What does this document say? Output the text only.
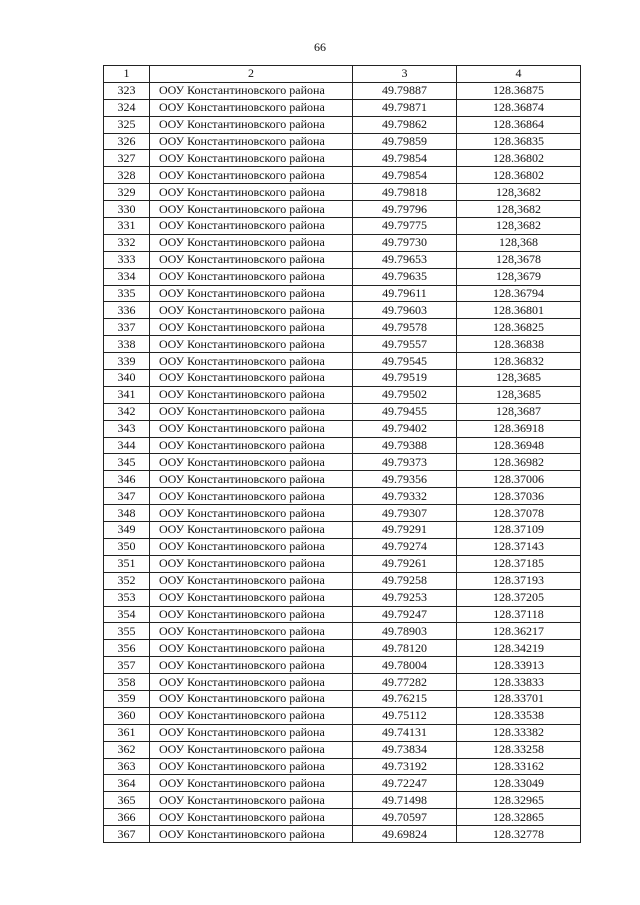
66
1	2	3	4
323	ООУ Константиновского района	49.79887	128.36875
324	ООУ Константиновского района	49.79871	128.36874
325	ООУ Константиновского района	49.79862	128.36864
326	ООУ Константиновского района	49.79859	128.36835
327	ООУ Константиновского района	49.79854	128.36802
328	ООУ Константиновского района	49.79854	128.36802
329	ООУ Константиновского района	49.79818	128,3682
330	ООУ Константиновского района	49.79796	128,3682
331	ООУ Константиновского района	49.79775	128,3682
332	ООУ Константиновского района	49.79730	128,368
333	ООУ Константиновского района	49.79653	128,3678
334	ООУ Константиновского района	49.79635	128,3679
335	ООУ Константиновского района	49.79611	128.36794
336	ООУ Константиновского района	49.79603	128.36801
337	ООУ Константиновского района	49.79578	128.36825
338	ООУ Константиновского района	49.79557	128.36838
339	ООУ Константиновского района	49.79545	128.36832
340	ООУ Константиновского района	49.79519	128,3685
341	ООУ Константиновского района	49.79502	128,3685
342	ООУ Константиновского района	49.79455	128,3687
343	ООУ Константиновского района	49.79402	128.36918
344	ООУ Константиновского района	49.79388	128.36948
345	ООУ Константиновского района	49.79373	128.36982
346	ООУ Константиновского района	49.79356	128.37006
347	ООУ Константиновского района	49.79332	128.37036
348	ООУ Константиновского района	49.79307	128.37078
349	ООУ Константиновского района	49.79291	128.37109
350	ООУ Константиновского района	49.79274	128.37143
351	ООУ Константиновского района	49.79261	128.37185
352	ООУ Константиновского района	49.79258	128.37193
353	ООУ Константиновского района	49.79253	128.37205
354	ООУ Константиновского района	49.79247	128.37118
355	ООУ Константиновского района	49.78903	128.36217
356	ООУ Константиновского района	49.78120	128.34219
357	ООУ Константиновского района	49.78004	128.33913
358	ООУ Константиновского района	49.77282	128.33833
359	ООУ Константиновского района	49.76215	128.33701
360	ООУ Константиновского района	49.75112	128.33538
361	ООУ Константиновского района	49.74131	128.33382
362	ООУ Константиновского района	49.73834	128.33258
363	ООУ Константиновского района	49.73192	128.33162
364	ООУ Константиновского района	49.72247	128.33049
365	ООУ Константиновского района	49.71498	128.32965
366	ООУ Константиновского района	49.70597	128.32865
367	ООУ Константиновского района	49.69824	128.32778
